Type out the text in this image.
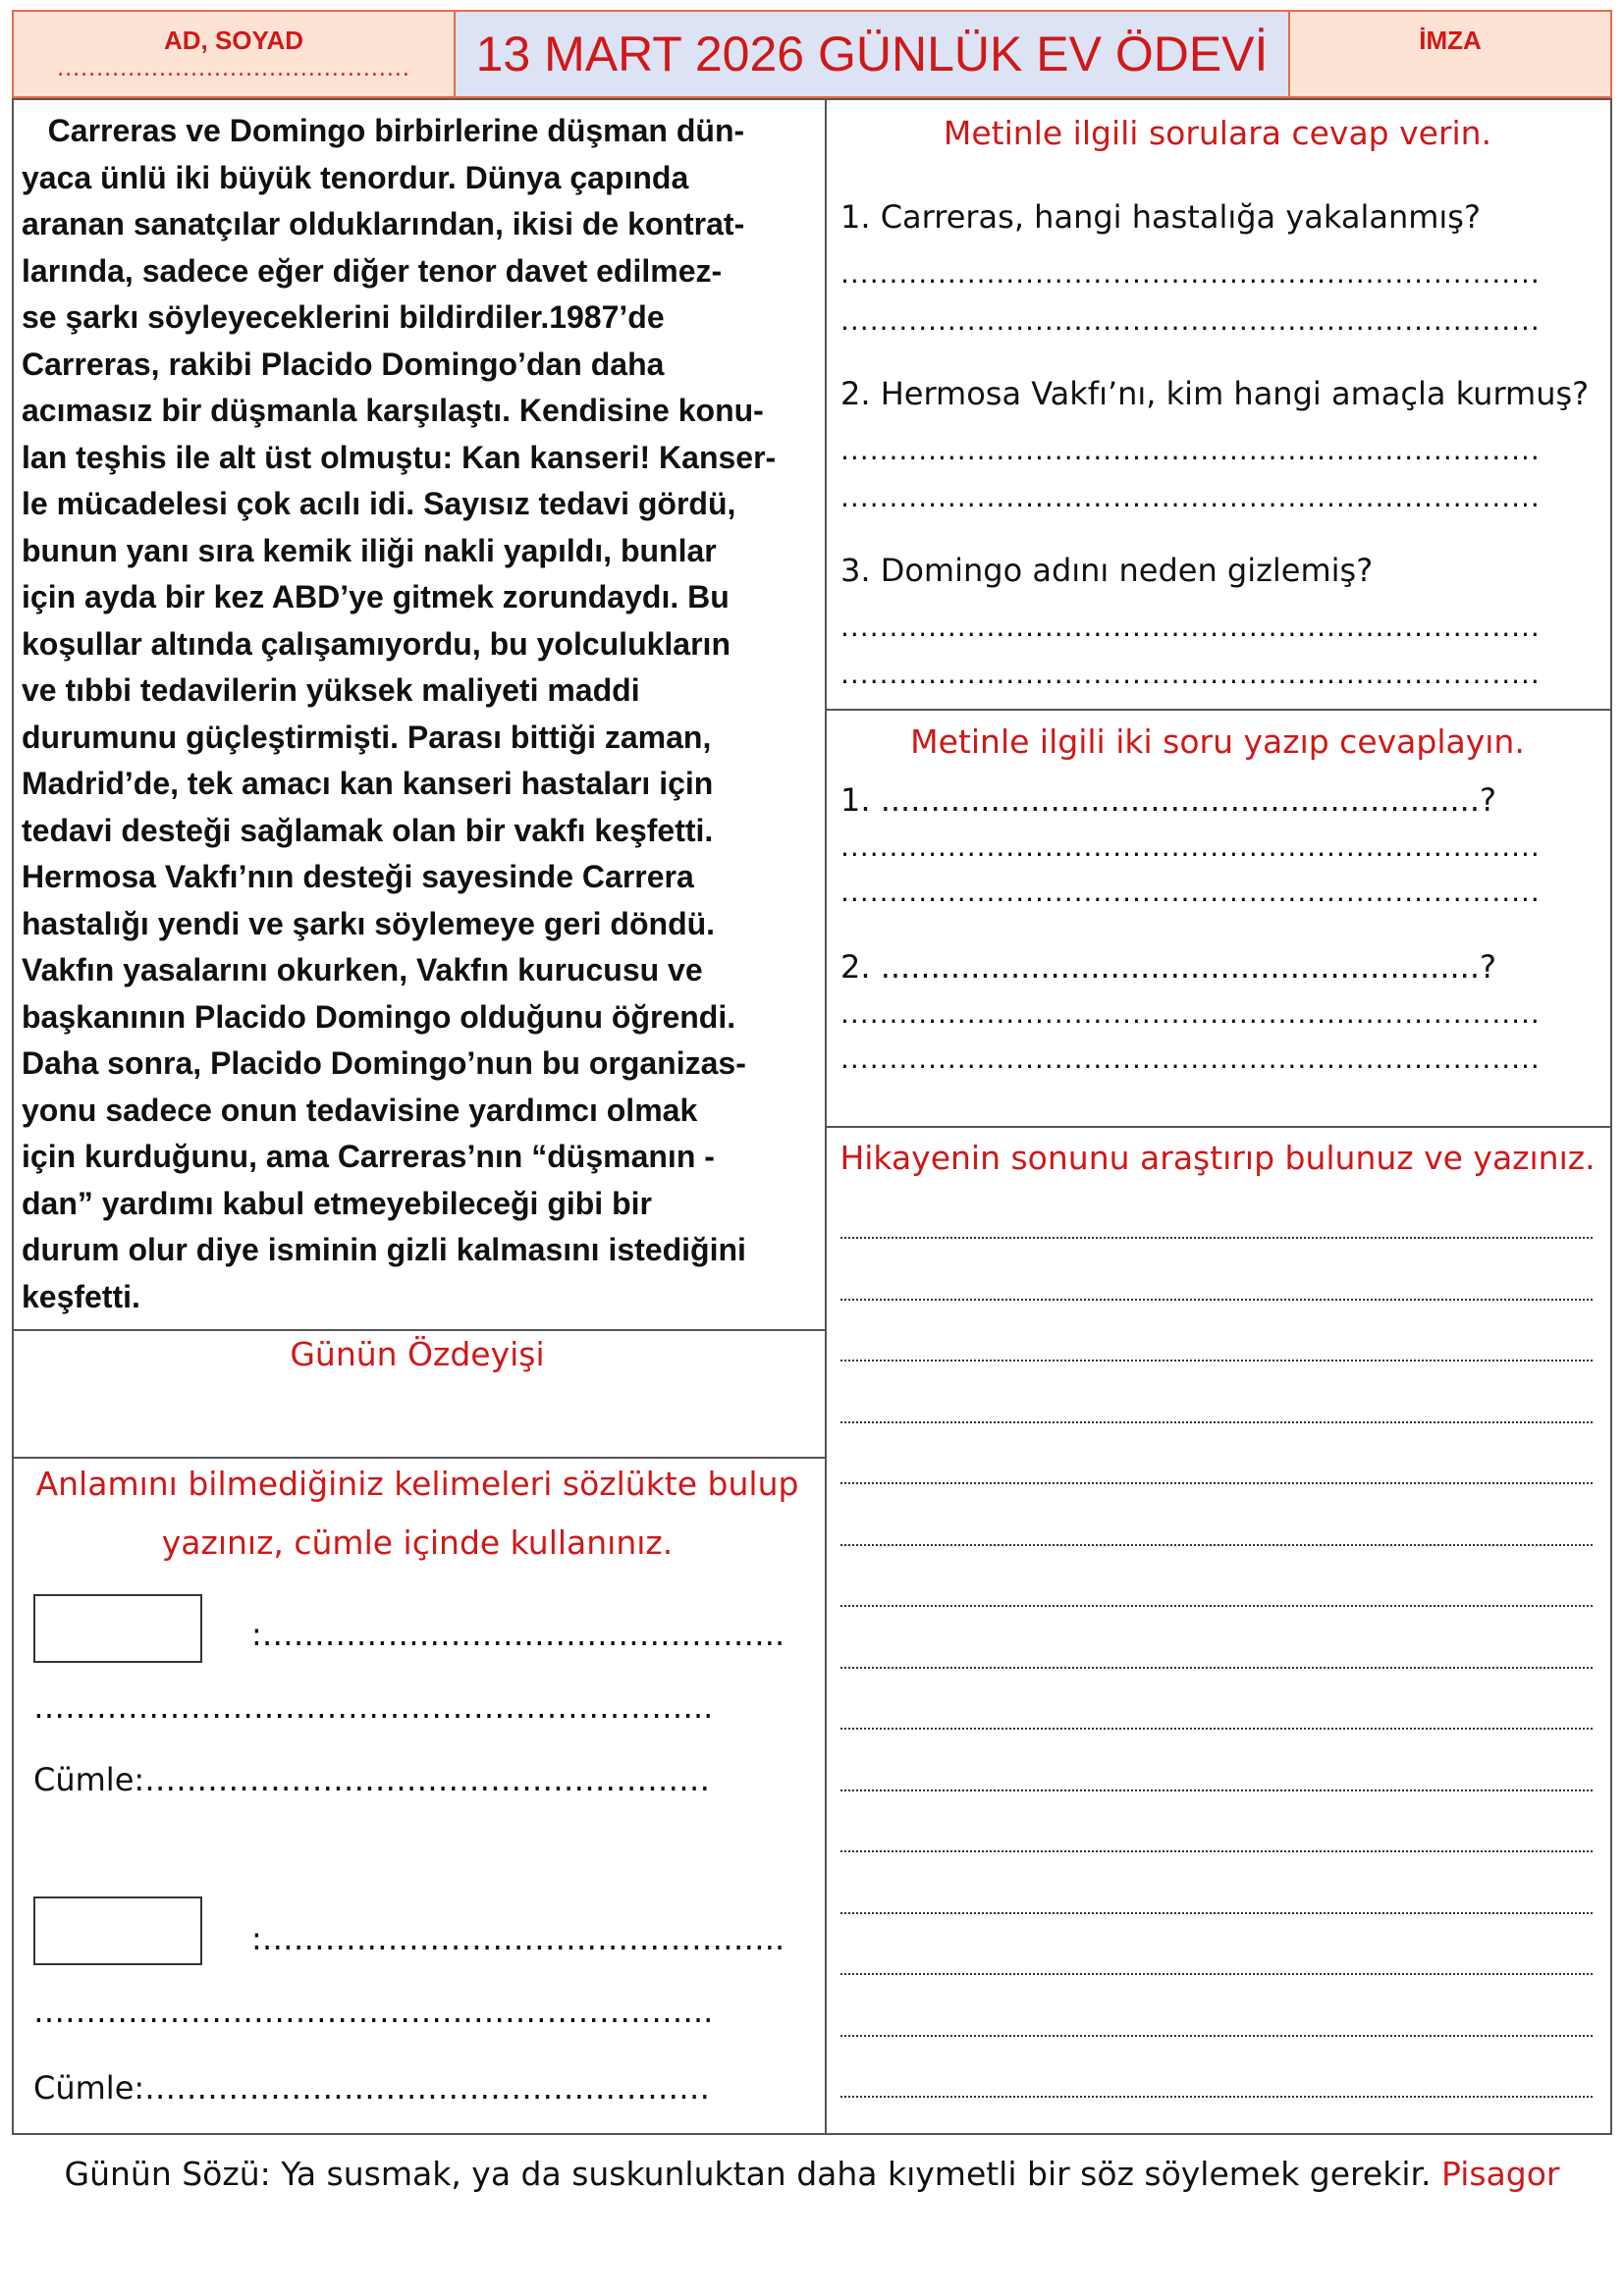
AD, SOYAD
.............................................	13 MART 2026 GÜNLÜK EV ÖDEVİ	İMZA
Carreras ve Domingo birbirlerine düşman dün-
yaca ünlü iki büyük tenordur. Dünya çapında
aranan sanatçılar olduklarından, ikisi de kontrat-
larında, sadece eğer diğer tenor davet edilmez-
se şarkı söyleyeceklerini bildirdiler.1987’de
Carreras, rakibi Placido Domingo’dan daha
acımasız bir düşmanla karşılaştı. Kendisine konu-
lan teşhis ile alt üst olmuştu: Kan kanseri! Kanser-
le mücadelesi çok acılı idi. Sayısız tedavi gördü,
bunun yanı sıra kemik iliği nakli yapıldı, bunlar
için ayda bir kez ABD’ye gitmek zorundaydı. Bu
koşullar altında çalışamıyordu, bu yolculukların
ve tıbbi tedavilerin yüksek maliyeti maddi
durumunu güçleştirmişti. Parası bittiği zaman,
Madrid’de, tek amacı kan kanseri hastaları için
tedavi desteği sağlamak olan bir vakfı keşfetti.
Hermosa Vakfı’nın desteği sayesinde Carrera
hastalığı yendi ve şarkı söylemeye geri döndü.
Vakfın yasalarını okurken, Vakfın kurucusu ve
başkanının Placido Domingo olduğunu öğrendi.
Daha sonra, Placido Domingo’nun bu organizas-
yonu sadece onun tedavisine yardımcı olmak
için kurduğunu, ama Carreras’nın “düşmanın -
dan” yardımı kabul etmeyebileceği gibi bir
durum olur diye isminin gizli kalmasını istediğini
keşfetti.
Günün Özdeyişi
Anlamını bilmediğiniz kelimeleri sözlükte bulup
yazınız, cümle içinde kullanınız.
:…………………………………………..
………………………………………………………..
Cümle:………………………………………………
:…………………………………………..
………………………………………………………..
Cümle:………………………………………………
Metinle ilgili sorulara cevap verin.
1. Carreras, hangi hastalığa yakalanmış?
........................................................................
........................................................................
2. Hermosa Vakfı’nı, kim hangi amaçla kurmuş?
........................................................................
........................................................................
3. Domingo adını neden gizlemiş?
........................................................................
........................................................................
Metinle ilgili iki soru yazıp cevaplayın.
1. ............................................................?
........................................................................
........................................................................
2. ............................................................?
........................................................................
........................................................................
Hikayenin sonunu araştırıp bulunuz ve yazınız.
Günün Sözü: Ya susmak, ya da suskunluktan daha kıymetli bir söz söylemek gerekir. Pisagor
